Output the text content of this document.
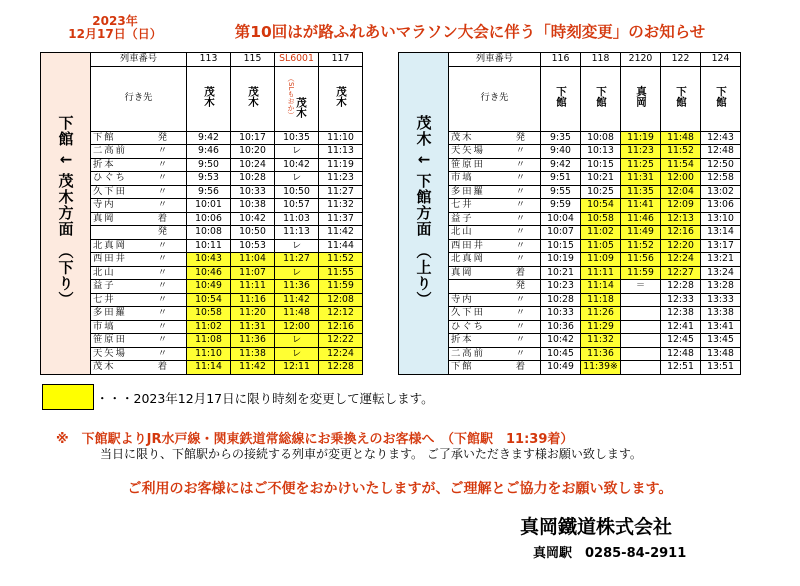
2023年
12月17日（日）	第10回はが路ふれあいマラソン大会に伴う「時刻変更」のお知らせ
下館 ↓ 茂木方面 （下り）	列車番号	113	115	SL6001	117
	行き先	茂木	茂木	（SLもおか）茂木	茂木
	下館 発	9:42	10:17	10:35	11:10
	二高前 〃	9:46	10:20	レ	11:13
	折本 〃	9:50	10:24	10:42	11:19
	ひぐち 〃	9:53	10:28	レ	11:23
	久下田 〃	9:56	10:33	10:50	11:27
	寺内 〃	10:01	10:38	10:57	11:32
	真岡 着	10:06	10:42	11:03	11:37
	発	10:08	10:50	11:13	11:42
	北真岡 〃	10:11	10:53	レ	11:44
	西田井 〃	10:43	11:04	11:27	11:52
	北山 〃	10:46	11:07	レ	11:55
	益子 〃	10:49	11:11	11:36	11:59
	七井 〃	10:54	11:16	11:42	12:08
	多田羅 〃	10:58	11:20	11:48	12:12
	市塙 〃	11:02	11:31	12:00	12:16
	笹原田 〃	11:08	11:36	レ	12:22
	天矢場 〃	11:10	11:38	レ	12:24
	茂木 着	11:14	11:42	12:11	12:28
茂木 ↓ 下館方面 （上り）	列車番号	116	118	2120	122	124
	行き先	下館	下館	真岡	下館	下館
	茂木 発	9:35	10:08	11:19	11:48	12:43
	天矢場 〃	9:40	10:13	11:23	11:52	12:48
	笹原田 〃	9:42	10:15	11:25	11:54	12:50
	市塙 〃	9:51	10:21	11:31	12:00	12:58
	多田羅 〃	9:55	10:25	11:35	12:04	13:02
	七井 〃	9:59	10:54	11:41	12:09	13:06
	益子 〃	10:04	10:58	11:46	12:13	13:10
	北山 〃	10:07	11:02	11:49	12:16	13:14
	西田井 〃	10:15	11:05	11:52	12:20	13:17
	北真岡 〃	10:19	11:09	11:56	12:24	13:21
	真岡 着	10:21	11:11	11:59	12:27	13:24
	発	10:23	11:14	＝	12:28	13:28
	寺内 〃	10:28	11:18		12:33	13:33
	久下田 〃	10:33	11:26		12:38	13:38
	ひぐち 〃	10:36	11:29		12:41	13:41
	折本 〃	10:42	11:32		12:45	13:45
	二高前 〃	10:45	11:36		12:48	13:48
	下館 着	10:49	11:39※		12:51	13:51
・・・2023年12月17日に限り時刻を変更して運転します。
※　下館駅よりJR水戸線・関東鉄道常総線にお乗換えのお客様へ　（下館駅　11:39着）
当日に限り、下館駅からの接続する列車が変更となります。 ご了承いただきます様お願い致します。
ご利用のお客様にはご不便をおかけいたしますが、ご理解とご協力をお願い致します。
真岡鐵道株式会社
真岡駅　0285-84-2911
